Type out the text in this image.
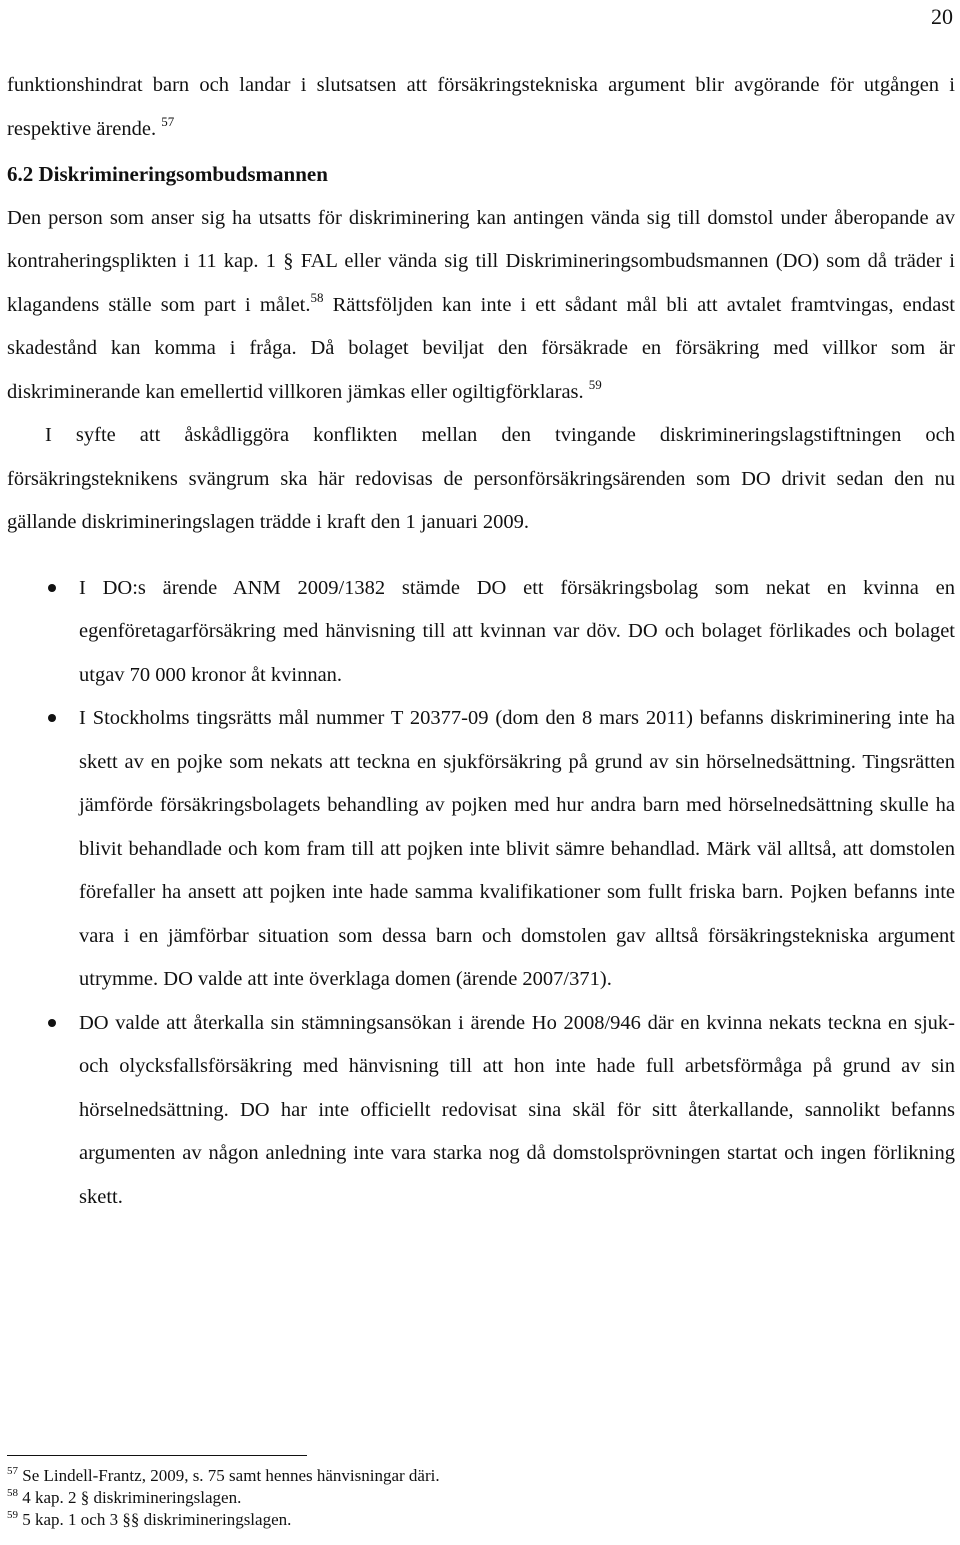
20

funktionshindrat barn och landar i slutsatsen att försäkringstekniska argument blir avgörande för utgången i respektive ärende. $^{57}$

6.2 Diskrimineringsombudsmannen

Den person som anser sig ha utsatts för diskriminering kan antingen vända sig till domstol under åberopande av kontraheringsplikten i 11 kap. 1 § FAL eller vända sig till Diskrimineringsombudsmannen (DO) som då träder i klagandens ställe som part i målet.$^{58}$ Rättsföljden kan inte i ett sådant mål bli att avtalet framtvingas, endast skadestånd kan komma i fråga. Då bolaget beviljat den försäkrade en försäkring med villkor som är diskriminerande kan emellertid villkoren jämkas eller ogiltigförklaras. $^{59}$

I syfte att åskådliggöra konflikten mellan den tvingande diskrimineringslagstiftningen och försäkringsteknikens svängrum ska här redovisas de personförsäkringsärenden som DO drivit sedan den nu gällande diskrimineringslagen trädde i kraft den 1 januari 2009.

I DO:s ärende ANM 2009/1382 stämde DO ett försäkringsbolag som nekat en kvinna en egenföretagarförsäkring med hänvisning till att kvinnan var döv. DO och bolaget förlikades och bolaget utgav 70 000 kronor åt kvinnan.
I Stockholms tingsrätts mål nummer T 20377-09 (dom den 8 mars 2011) befanns diskriminering inte ha skett av en pojke som nekats att teckna en sjukförsäkring på grund av sin hörselnedsättning. Tingsrätten jämförde försäkringsbolagets behandling av pojken med hur andra barn med hörselnedsättning skulle ha blivit behandlade och kom fram till att pojken inte blivit sämre behandlad. Märk väl alltså, att domstolen förefaller ha ansett att pojken inte hade samma kvalifikationer som fullt friska barn. Pojken befanns inte vara i en jämförbar situation som dessa barn och domstolen gav alltså försäkringstekniska argument utrymme. DO valde att inte överklaga domen (ärende 2007/371).
DO valde att återkalla sin stämningsansökan i ärende Ho 2008/946 där en kvinna nekats teckna en sjuk- och olycksfallsförsäkring med hänvisning till att hon inte hade full arbetsförmåga på grund av sin hörselnedsättning. DO har inte officiellt redovisat sina skäl för sitt återkallande, sannolikt befanns argumenten av någon anledning inte vara starka nog då domstolsprövningen startat och ingen förlikning skett.
$^{57}$ Se Lindell-Frantz, 2009, s. 75 samt hennes hänvisningar däri.
$^{58}$ 4 kap. 2 § diskrimineringslagen.
$^{59}$ 5 kap. 1 och 3 §§ diskrimineringslagen.
